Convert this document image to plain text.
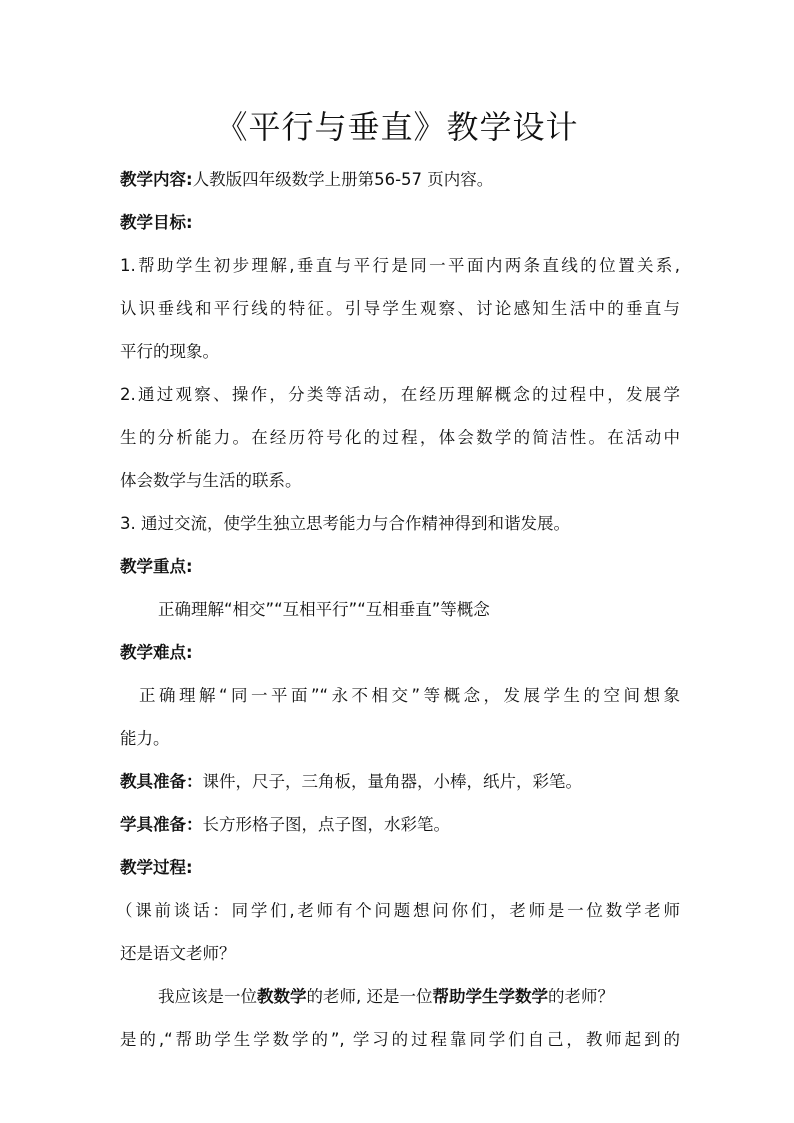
《平行与垂直》教学设计
教学内容:人教版四年级数学上册第56-57 页内容。
教学目标:
1.帮助学生初步理解,垂直与平行是同一平面内两条直线的位置关系,
认识垂线和平行线的特征。引导学生观察、讨论感知生活中的垂直与
平行的现象。
2.通过观察、操作，分类等活动，在经历理解概念的过程中，发展学
生的分析能力。在经历符号化的过程，体会数学的简洁性。在活动中
体会数学与生活的联系。
3. 通过交流，使学生独立思考能力与合作精神得到和谐发展。
教学重点:
正确理解“相交”“互相平行”“互相垂直”等概念
教学难点:
正确理解“同一平面”“永不相交”等概念，发展学生的空间想象
能力。
教具准备：课件，尺子，三角板，量角器，小棒，纸片，彩笔。
学具准备：长方形格子图，点子图，水彩笔。
教学过程:
（课前谈话：同学们,老师有个问题想问你们，老师是一位数学老师
还是语文老师？
我应该是一位教数学的老师, 还是一位帮助学生学数学的老师？
是的,“帮助学生学数学的”, 学习的过程靠同学们自己，教师起到的
